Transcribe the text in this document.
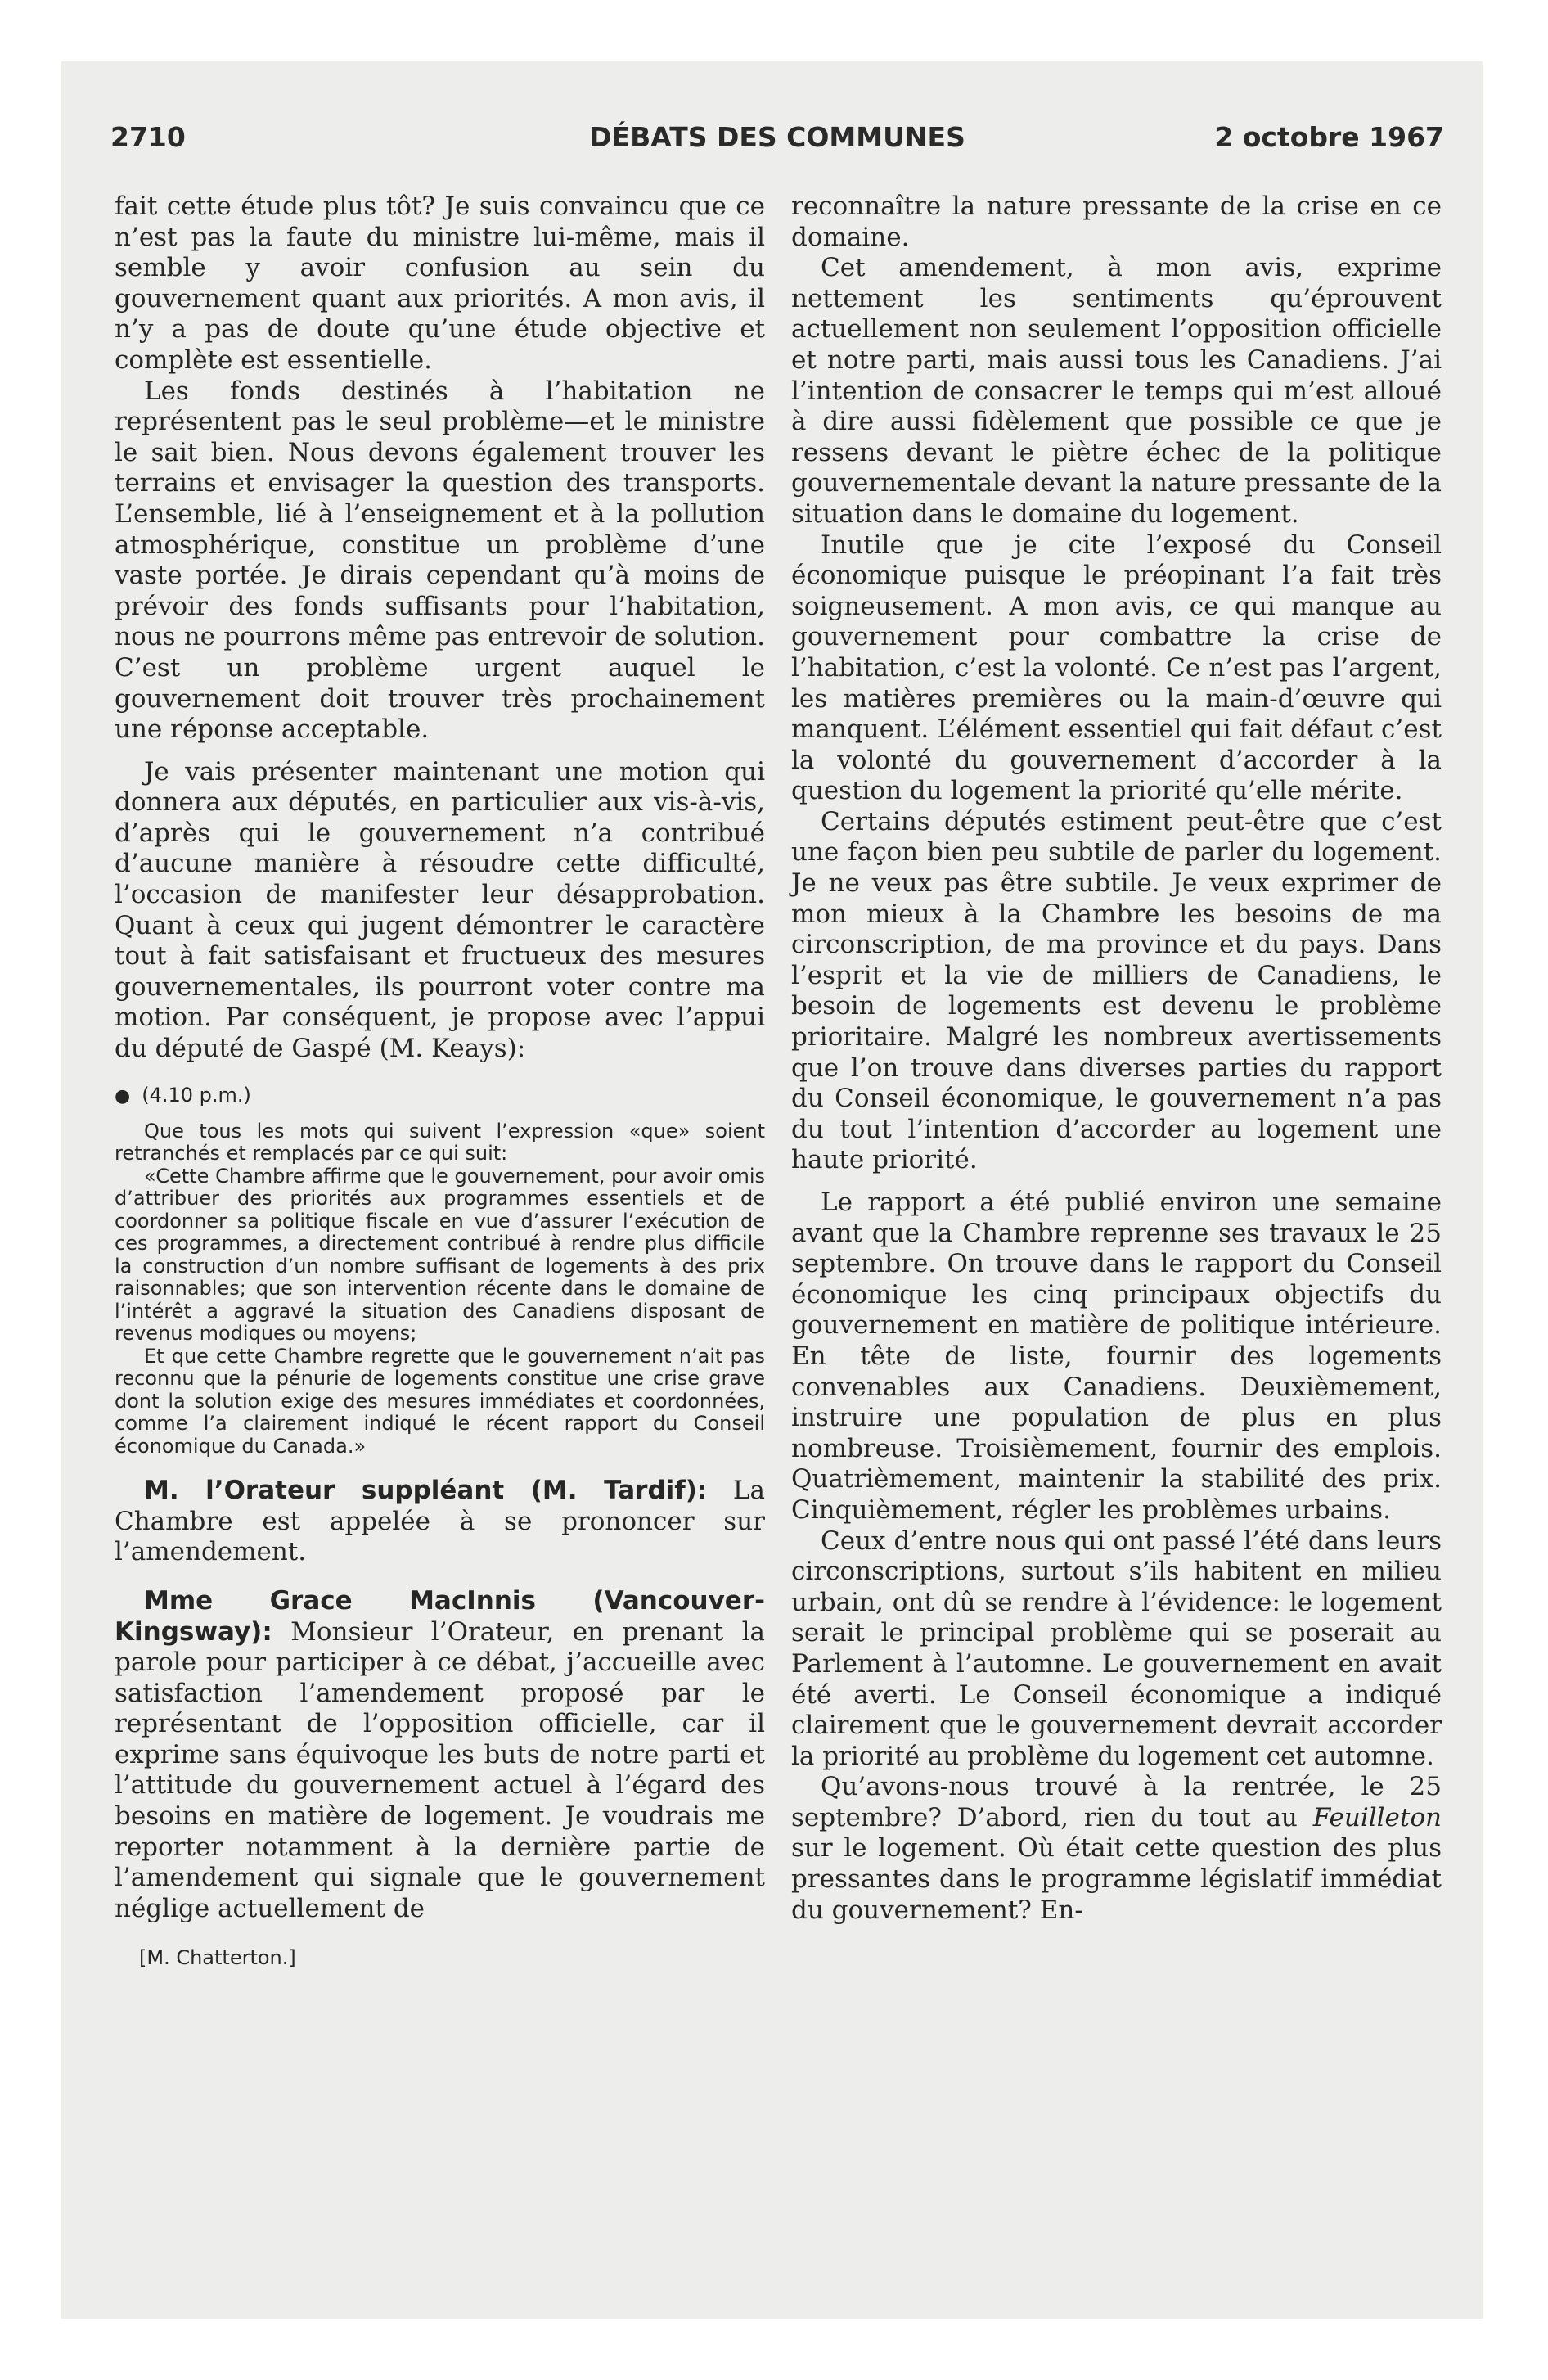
2710	DÉBATS DES COMMUNES	2 octobre 1967

fait cette étude plus tôt? Je suis convaincu que ce n’est pas la faute du ministre lui-même, mais il semble y avoir confusion au sein du gouvernement quant aux priorités. A mon avis, il n’y a pas de doute qu’une étude objective et complète est essentielle.

Les fonds destinés à l’habitation ne représentent pas le seul problème—et le ministre le sait bien. Nous devons également trouver les terrains et envisager la question des transports. L’ensemble, lié à l’enseignement et à la pollution atmosphérique, constitue un problème d’une vaste portée. Je dirais cependant qu’à moins de prévoir des fonds suffisants pour l’habitation, nous ne pourrons même pas entrevoir de solution. C’est un problème urgent auquel le gouvernement doit trouver très prochainement une réponse acceptable.

Je vais présenter maintenant une motion qui donnera aux députés, en particulier aux vis-à-vis, d’après qui le gouvernement n’a contribué d’aucune manière à résoudre cette difficulté, l’occasion de manifester leur désapprobation. Quant à ceux qui jugent démontrer le caractère tout à fait satisfaisant et fructueux des mesures gouvernementales, ils pourront voter contre ma motion. Par conséquent, je propose avec l’appui du député de Gaspé (M. Keays):

● (4.10 p.m.)

Que tous les mots qui suivent l’expression «que» soient retranchés et remplacés par ce qui suit:

«Cette Chambre affirme que le gouvernement, pour avoir omis d’attribuer des priorités aux programmes essentiels et de coordonner sa politique fiscale en vue d’assurer l’exécution de ces programmes, a directement contribué à rendre plus difficile la construction d’un nombre suffisant de logements à des prix raisonnables; que son intervention récente dans le domaine de l’intérêt a aggravé la situation des Canadiens disposant de revenus modiques ou moyens;

Et que cette Chambre regrette que le gouvernement n’ait pas reconnu que la pénurie de logements constitue une crise grave dont la solution exige des mesures immédiates et coordonnées, comme l’a clairement indiqué le récent rapport du Conseil économique du Canada.»

M. l’Orateur suppléant (M. Tardif): La Chambre est appelée à se prononcer sur l’amendement.

Mme Grace MacInnis (Vancouver-Kingsway): Monsieur l’Orateur, en prenant la parole pour participer à ce débat, j’accueille avec satisfaction l’amendement proposé par le représentant de l’opposition officielle, car il exprime sans équivoque les buts de notre parti et l’attitude du gouvernement actuel à l’égard des besoins en matière de logement. Je voudrais me reporter notamment à la dernière partie de l’amendement qui signale que le gouvernement néglige actuellement de

[M. Chatterton.]

reconnaître la nature pressante de la crise en ce domaine.

Cet amendement, à mon avis, exprime nettement les sentiments qu’éprouvent actuellement non seulement l’opposition officielle et notre parti, mais aussi tous les Canadiens. J’ai l’intention de consacrer le temps qui m’est alloué à dire aussi fidèlement que possible ce que je ressens devant le piètre échec de la politique gouvernementale devant la nature pressante de la situation dans le domaine du logement.

Inutile que je cite l’exposé du Conseil économique puisque le préopinant l’a fait très soigneusement. A mon avis, ce qui manque au gouvernement pour combattre la crise de l’habitation, c’est la volonté. Ce n’est pas l’argent, les matières premières ou la main-d’œuvre qui manquent. L’élément essentiel qui fait défaut c’est la volonté du gouvernement d’accorder à la question du logement la priorité qu’elle mérite.

Certains députés estiment peut-être que c’est une façon bien peu subtile de parler du logement. Je ne veux pas être subtile. Je veux exprimer de mon mieux à la Chambre les besoins de ma circonscription, de ma province et du pays. Dans l’esprit et la vie de milliers de Canadiens, le besoin de logements est devenu le problème prioritaire. Malgré les nombreux avertissements que l’on trouve dans diverses parties du rapport du Conseil économique, le gouvernement n’a pas du tout l’intention d’accorder au logement une haute priorité.

Le rapport a été publié environ une semaine avant que la Chambre reprenne ses travaux le 25 septembre. On trouve dans le rapport du Conseil économique les cinq principaux objectifs du gouvernement en matière de politique intérieure. En tête de liste, fournir des logements convenables aux Canadiens. Deuxièmement, instruire une population de plus en plus nombreuse. Troisièmement, fournir des emplois. Quatrièmement, maintenir la stabilité des prix. Cinquièmement, régler les problèmes urbains.

Ceux d’entre nous qui ont passé l’été dans leurs circonscriptions, surtout s’ils habitent en milieu urbain, ont dû se rendre à l’évidence: le logement serait le principal problème qui se poserait au Parlement à l’automne. Le gouvernement en avait été averti. Le Conseil économique a indiqué clairement que le gouvernement devrait accorder la priorité au problème du logement cet automne.

Qu’avons-nous trouvé à la rentrée, le 25 septembre? D’abord, rien du tout au Feuilleton sur le logement. Où était cette question des plus pressantes dans le programme législatif immédiat du gouvernement? En-
